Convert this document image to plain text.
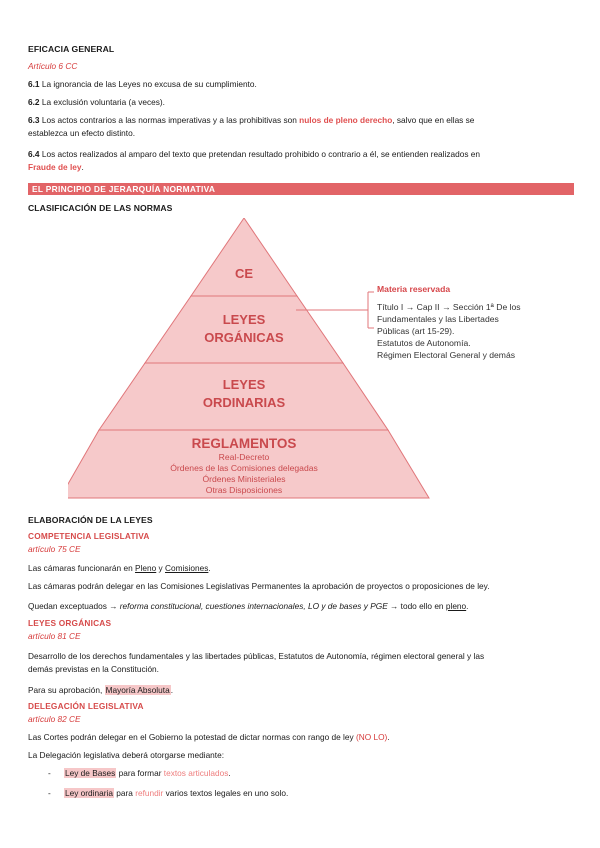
EFICACIA GENERAL
Artículo 6 CC
6.1 La ignorancia de las Leyes no excusa de su cumplimiento.
6.2 La exclusión voluntaria (a veces).
6.3 Los actos contrarios a las normas imperativas y a las prohibitivas son nulos de pleno derecho, salvo que en ellas se
establezca un efecto distinto.
6.4 Los actos realizados al amparo del texto que pretendan resultado prohibido o contrario a él, se entienden realizados en
Fraude de ley.
EL PRINCIPIO DE JERARQUÍA NORMATIVA
CLASIFICACIÓN DE LAS NORMAS
CE
LEYES
ORGÁNICAS
LEYES
ORDINARIAS
REGLAMENTOS
Real-Decreto
Órdenes de las Comisiones delegadas
Órdenes Ministeriales
Otras Disposiciones
Materia reservada
Título I → Cap II → Sección 1ª De los
Fundamentales y las Libertades
Públicas (art 15-29).
Estatutos de Autonomía.
Régimen Electoral General y demás
ELABORACIÓN DE LA LEYES
COMPETENCIA LEGISLATIVA
artículo 75 CE
Las cámaras funcionarán en Pleno y Comisiones.
Las cámaras podrán delegar en las Comisiones Legislativas Permanentes la aprobación de proyectos o proposiciones de ley.
Quedan exceptuados → reforma constitucional, cuestiones internacionales, LO y de bases y PGE → todo ello en pleno.
LEYES ORGÁNICAS
artículo 81 CE
Desarrollo de los derechos fundamentales y las libertades públicas, Estatutos de Autonomía, régimen electoral general y las
demás previstas en la Constitución.
Para su aprobación, Mayoría Absoluta.
DELEGACIÓN LEGISLATIVA
artículo 82 CE
Las Cortes podrán delegar en el Gobierno la potestad de dictar normas con rango de ley (NO LO).
La Delegación legislativa deberá otorgarse mediante:
- Ley de Bases para formar textos articulados.
- Ley ordinaria para refundir varios textos legales en uno solo.
